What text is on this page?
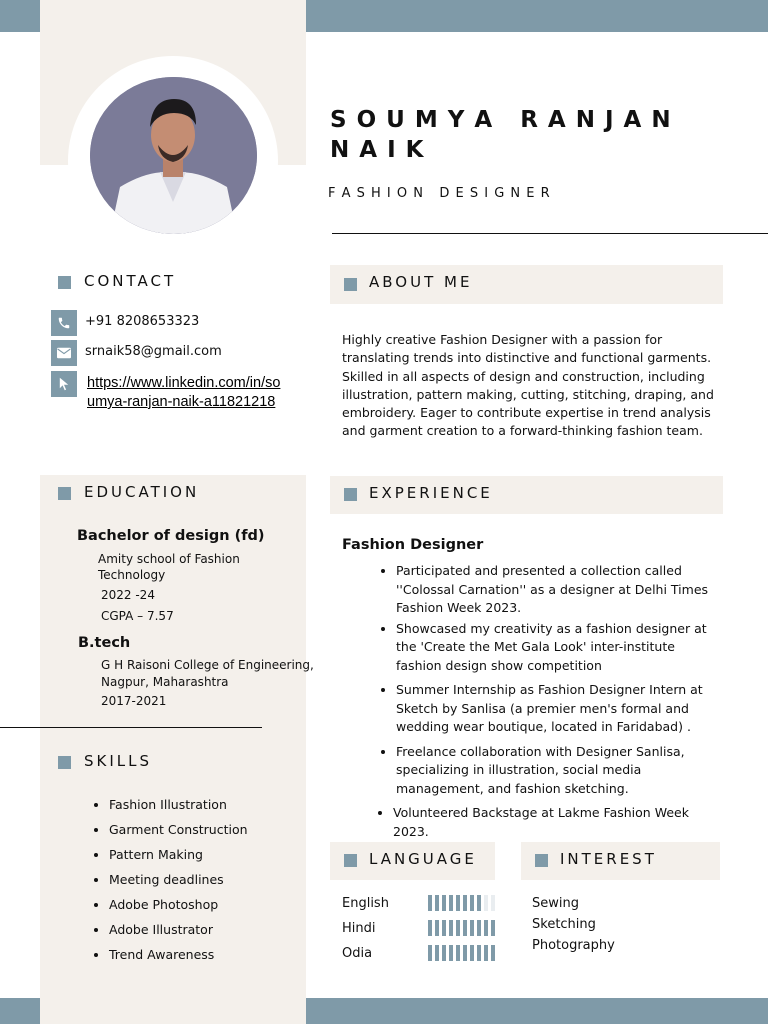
S O U M Y A   R A N J A N
N A I K
F A S H I O N   D E S I G N E R
CONTACT
+91 8208653323
srnaik58@gmail.com
https://www.linkedin.com/in/so
umya-ranjan-naik-a11821218
ABOUT ME
Highly creative Fashion Designer with a passion for
translating trends into distinctive and functional garments.
Skilled in all aspects of design and construction, including
illustration, pattern making, cutting, stitching, draping, and
embroidery. Eager to contribute expertise in trend analysis
and garment creation to a forward-thinking fashion team.
EDUCATION
Bachelor of design (fd)
Amity school of Fashion
Technology
2022 -24
CGPA – 7.57
B.tech
G H Raisoni College of Engineering,
Nagpur, Maharashtra
2017-2021
SKILLS
• Fashion Illustration
• Garment Construction
• Pattern Making
• Meeting deadlines
• Adobe Photoshop
• Adobe Illustrator
• Trend Awareness
EXPERIENCE
Fashion Designer
• Participated and presented a collection called
''Colossal Carnation'' as a designer at Delhi Times
Fashion Week 2023.
• Showcased my creativity as a fashion designer at
the 'Create the Met Gala Look' inter-institute
fashion design show competition
• Summer Internship as Fashion Designer Intern at
Sketch by Sanlisa (a premier men's formal and
wedding wear boutique, located in Faridabad) .
• Freelance collaboration with Designer Sanlisa,
specializing in illustration, social media
management, and fashion sketching.
• Volunteered Backstage at Lakme Fashion Week
2023.
LANGUAGE
English
Hindi
Odia
INTEREST
Sewing
Sketching
Photography
